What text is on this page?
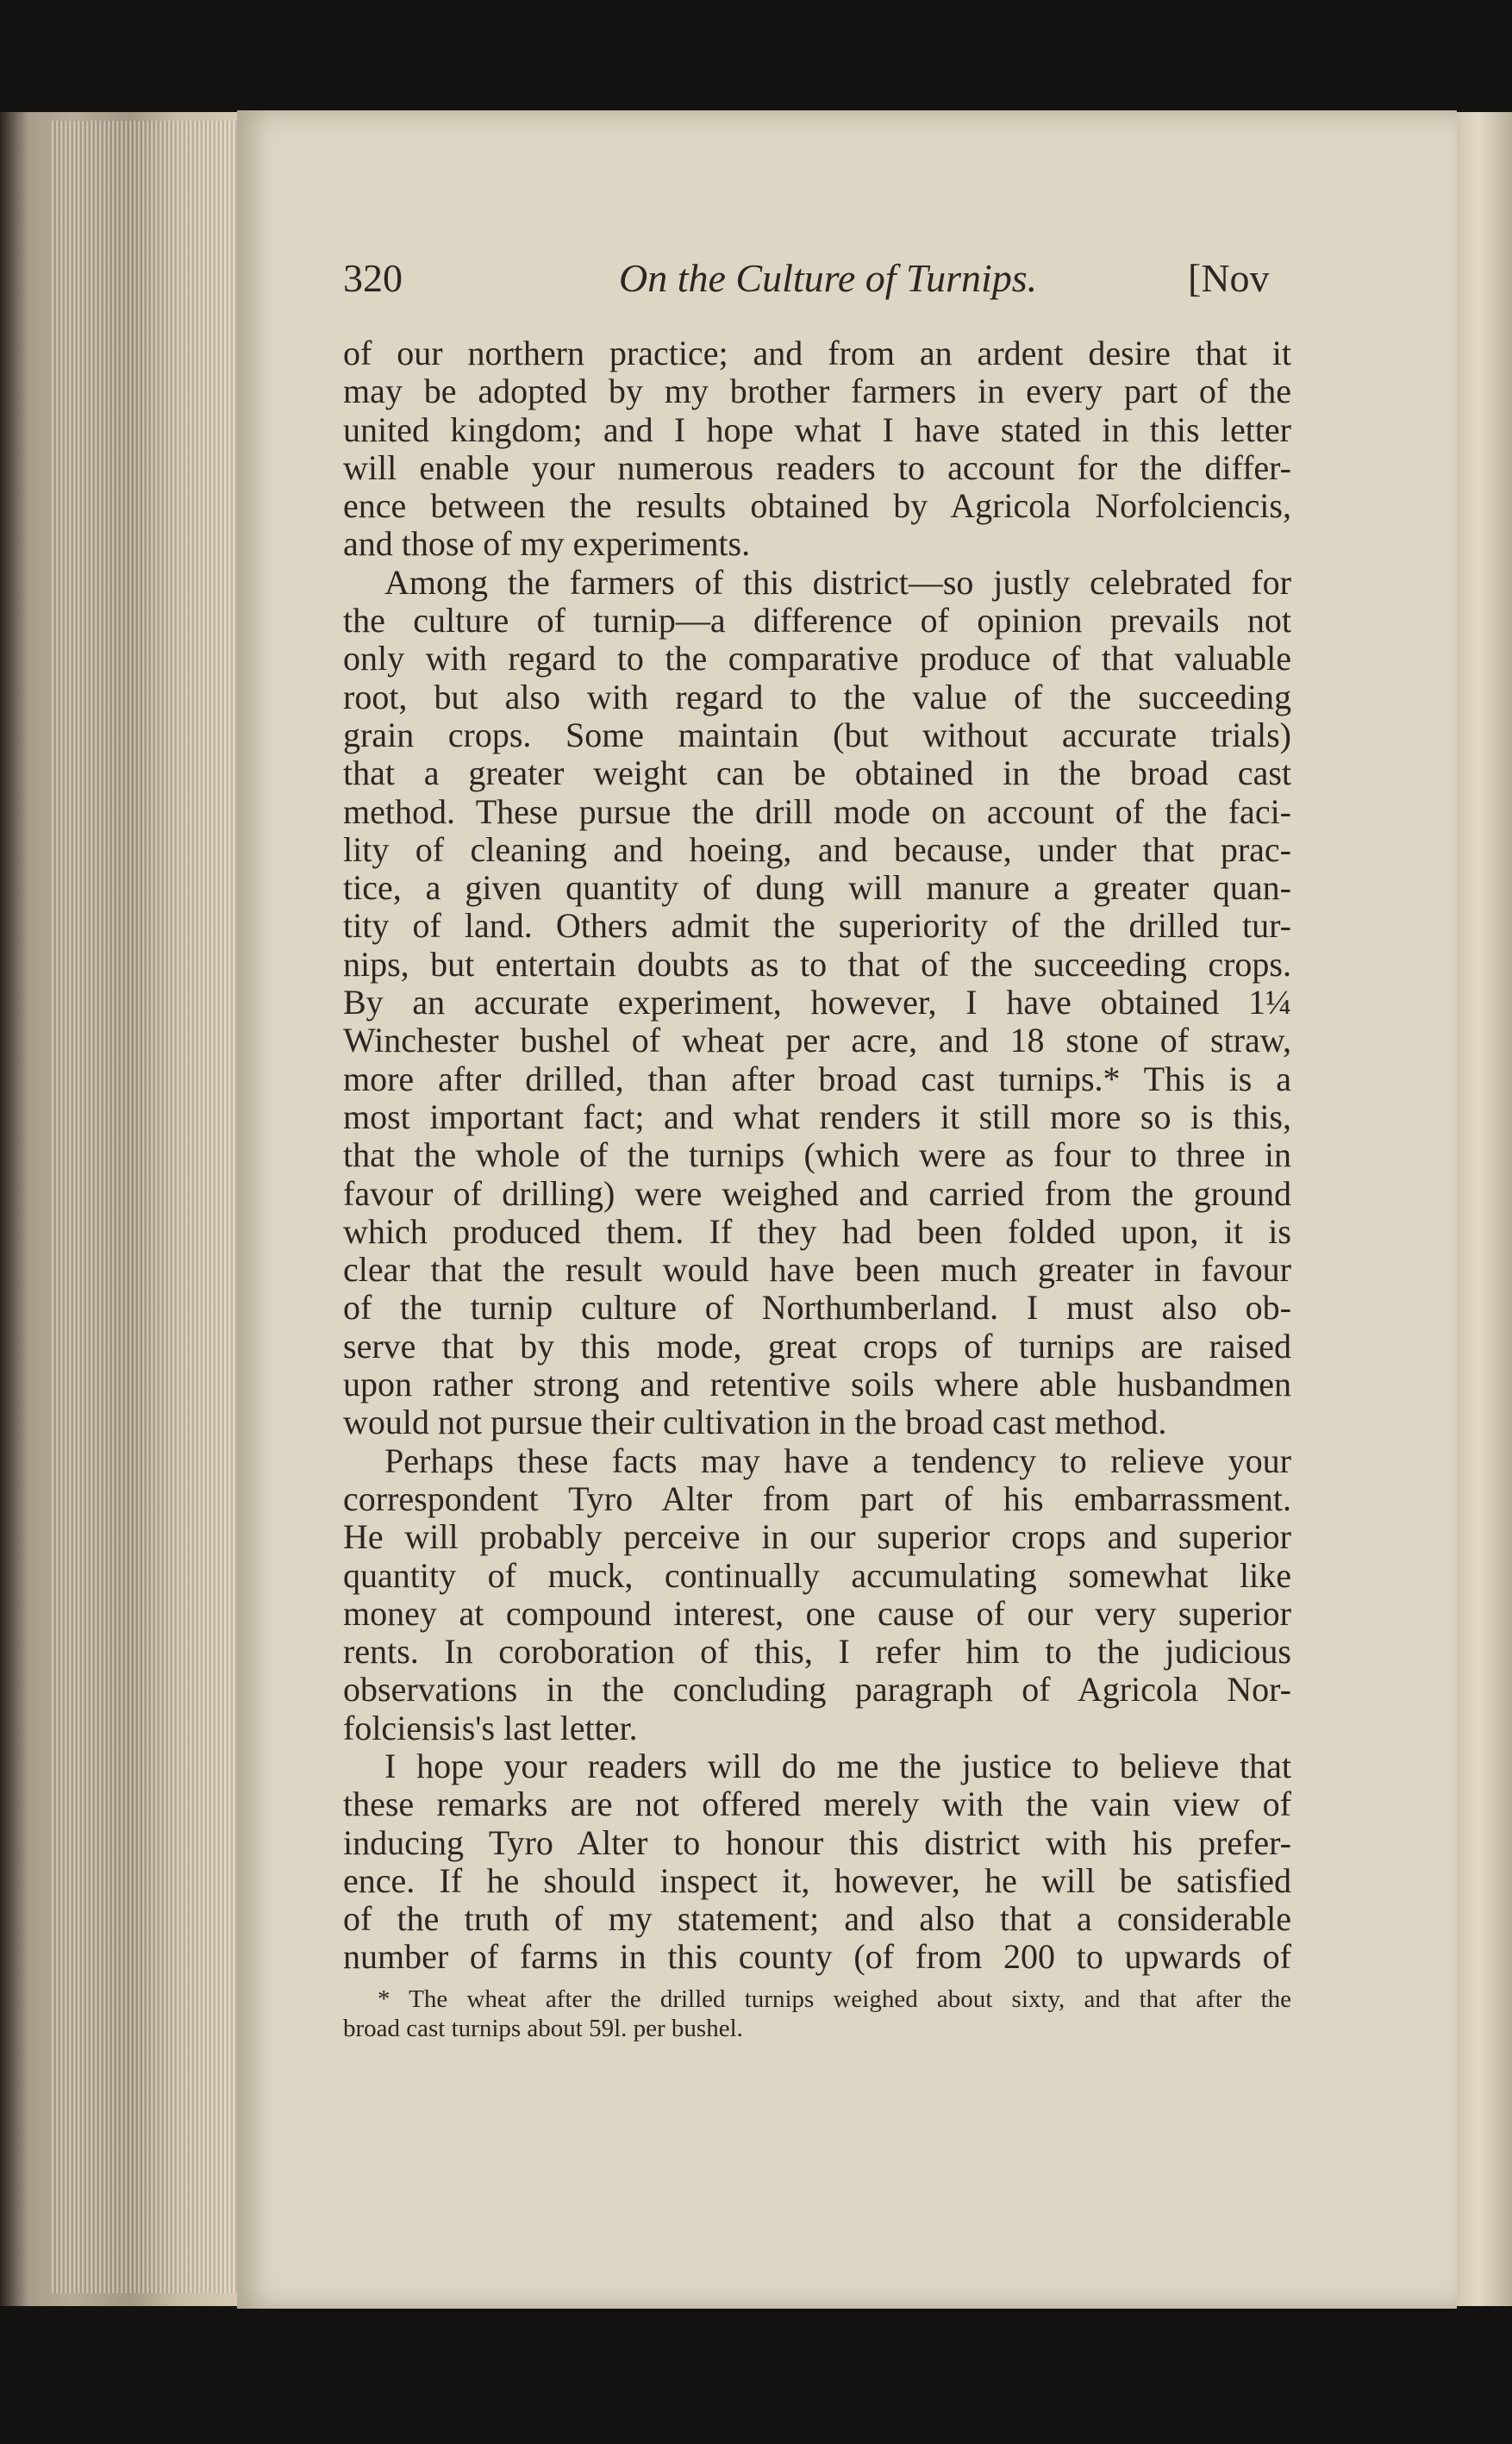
320	On the Culture of Turnips.	[Nov
of our northern practice; and from an ardent desire that it
may be adopted by my brother farmers in every part of the
united kingdom; and I hope what I have stated in this letter
will enable your numerous readers to account for the differ-
ence between the results obtained by Agricola Norfolciencis,
and those of my experiments.
Among the farmers of this district—so justly celebrated for
the culture of turnip—a difference of opinion prevails not
only with regard to the comparative produce of that valuable
root, but also with regard to the value of the succeeding
grain crops. Some maintain (but without accurate trials)
that a greater weight can be obtained in the broad cast
method. These pursue the drill mode on account of the faci-
lity of cleaning and hoeing, and because, under that prac-
tice, a given quantity of dung will manure a greater quan-
tity of land. Others admit the superiority of the drilled tur-
nips, but entertain doubts as to that of the succeeding crops.
By an accurate experiment, however, I have obtained 1¼
Winchester bushel of wheat per acre, and 18 stone of straw,
more after drilled, than after broad cast turnips.* This is a
most important fact; and what renders it still more so is this,
that the whole of the turnips (which were as four to three in
favour of drilling) were weighed and carried from the ground
which produced them. If they had been folded upon, it is
clear that the result would have been much greater in favour
of the turnip culture of Northumberland. I must also ob-
serve that by this mode, great crops of turnips are raised
upon rather strong and retentive soils where able husbandmen
would not pursue their cultivation in the broad cast method.
Perhaps these facts may have a tendency to relieve your
correspondent Tyro Alter from part of his embarrassment.
He will probably perceive in our superior crops and superior
quantity of muck, continually accumulating somewhat like
money at compound interest, one cause of our very superior
rents. In coroboration of this, I refer him to the judicious
observations in the concluding paragraph of Agricola Nor-
folciensis's last letter.
I hope your readers will do me the justice to believe that
these remarks are not offered merely with the vain view of
inducing Tyro Alter to honour this district with his prefer-
ence. If he should inspect it, however, he will be satisfied
of the truth of my statement; and also that a considerable
number of farms in this county (of from 200 to upwards of
* The wheat after the drilled turnips weighed about sixty, and that after the
broad cast turnips about 59l. per bushel.
